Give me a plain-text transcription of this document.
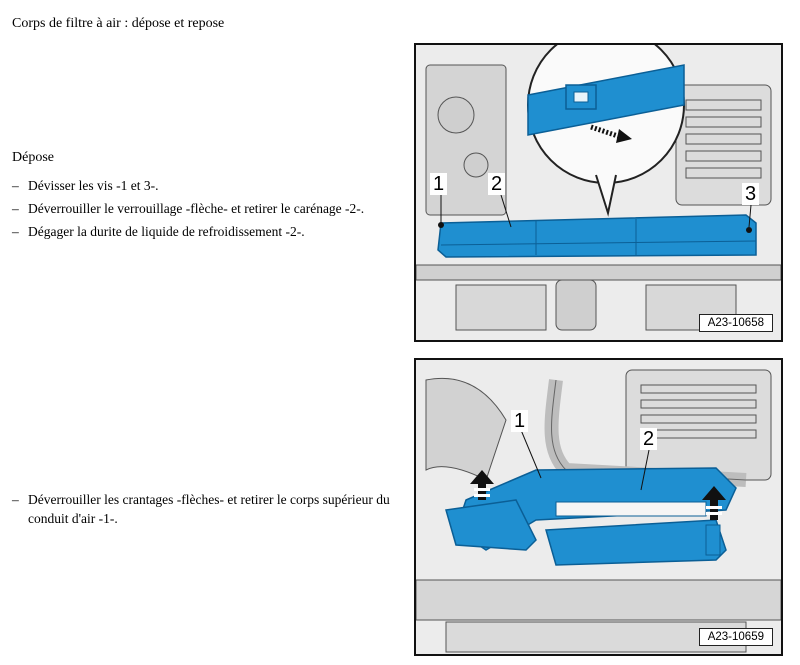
Corps de filtre à air : dépose et repose
Dépose
– Dévisser les vis -1 et 3-.
– Déverrouiller le verrouillage -flèche- et retirer le carénage -2-.
– Dégager la durite de liquide de refroidissement -2-.
– Déverrouiller les crantages -flèches- et retirer le corps supérieur du conduit d'air -1-.
1 2	3
A23-10658
1
2
A23-10659
